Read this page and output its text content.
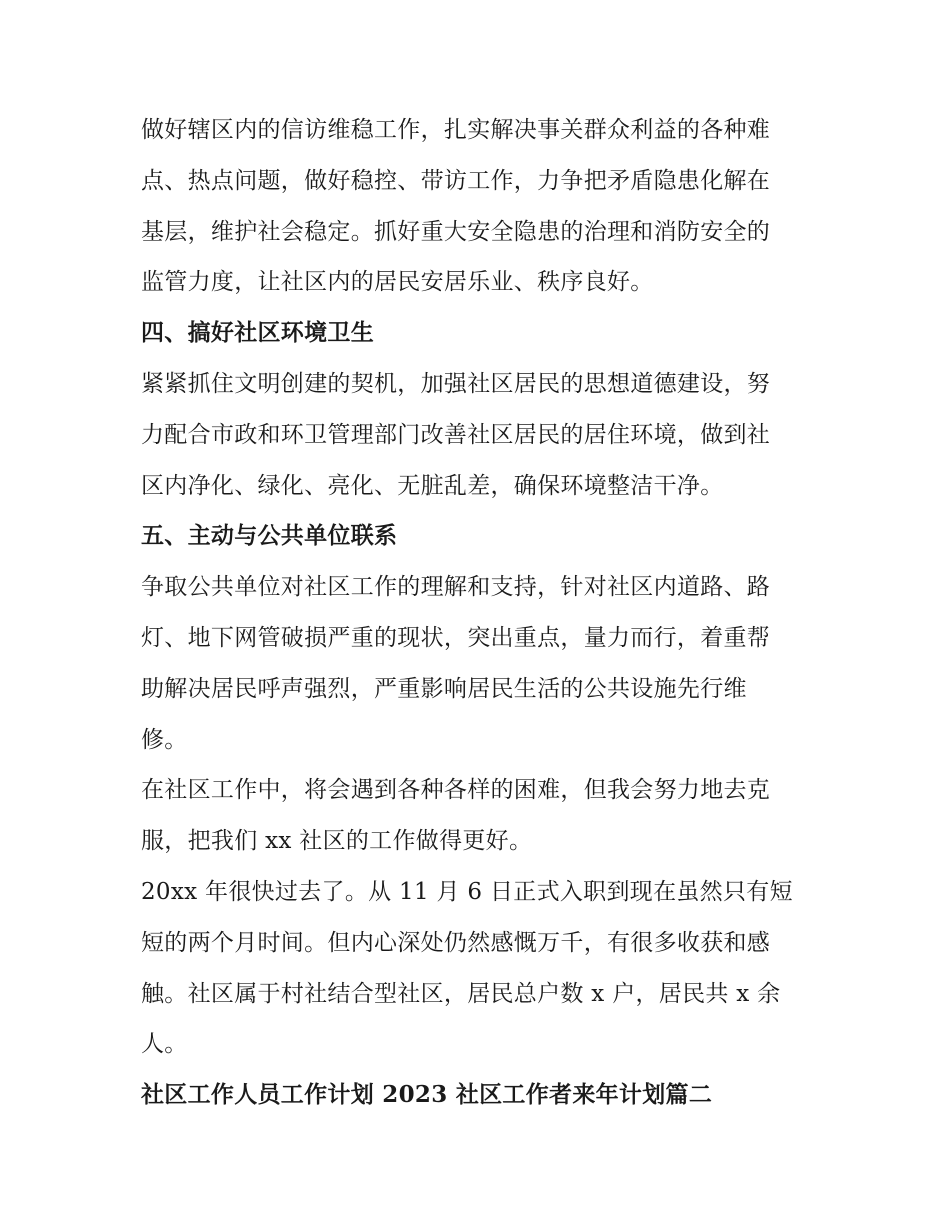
做好辖区内的信访维稳工作，扎实解决事关群众利益的各种难
点、热点问题，做好稳控、带访工作，力争把矛盾隐患化解在
基层，维护社会稳定。抓好重大安全隐患的治理和消防安全的
监管力度，让社区内的居民安居乐业、秩序良好。

四、搞好社区环境卫生

紧紧抓住文明创建的契机，加强社区居民的思想道德建设，努
力配合市政和环卫管理部门改善社区居民的居住环境，做到社
区内净化、绿化、亮化、无脏乱差，确保环境整洁干净。

五、主动与公共单位联系

争取公共单位对社区工作的理解和支持，针对社区内道路、路
灯、地下网管破损严重的现状，突出重点，量力而行，着重帮
助解决居民呼声强烈，严重影响居民生活的公共设施先行维
修。

在社区工作中，将会遇到各种各样的困难，但我会努力地去克
服，把我们 xx 社区的工作做得更好。

20xx 年很快过去了。从 11 月 6 日正式入职到现在虽然只有短
短的两个月时间。但内心深处仍然感慨万千，有很多收获和感
触。社区属于村社结合型社区，居民总户数 x 户，居民共 x 余
人。

社区工作人员工作计划 2023 社区工作者来年计划篇二
